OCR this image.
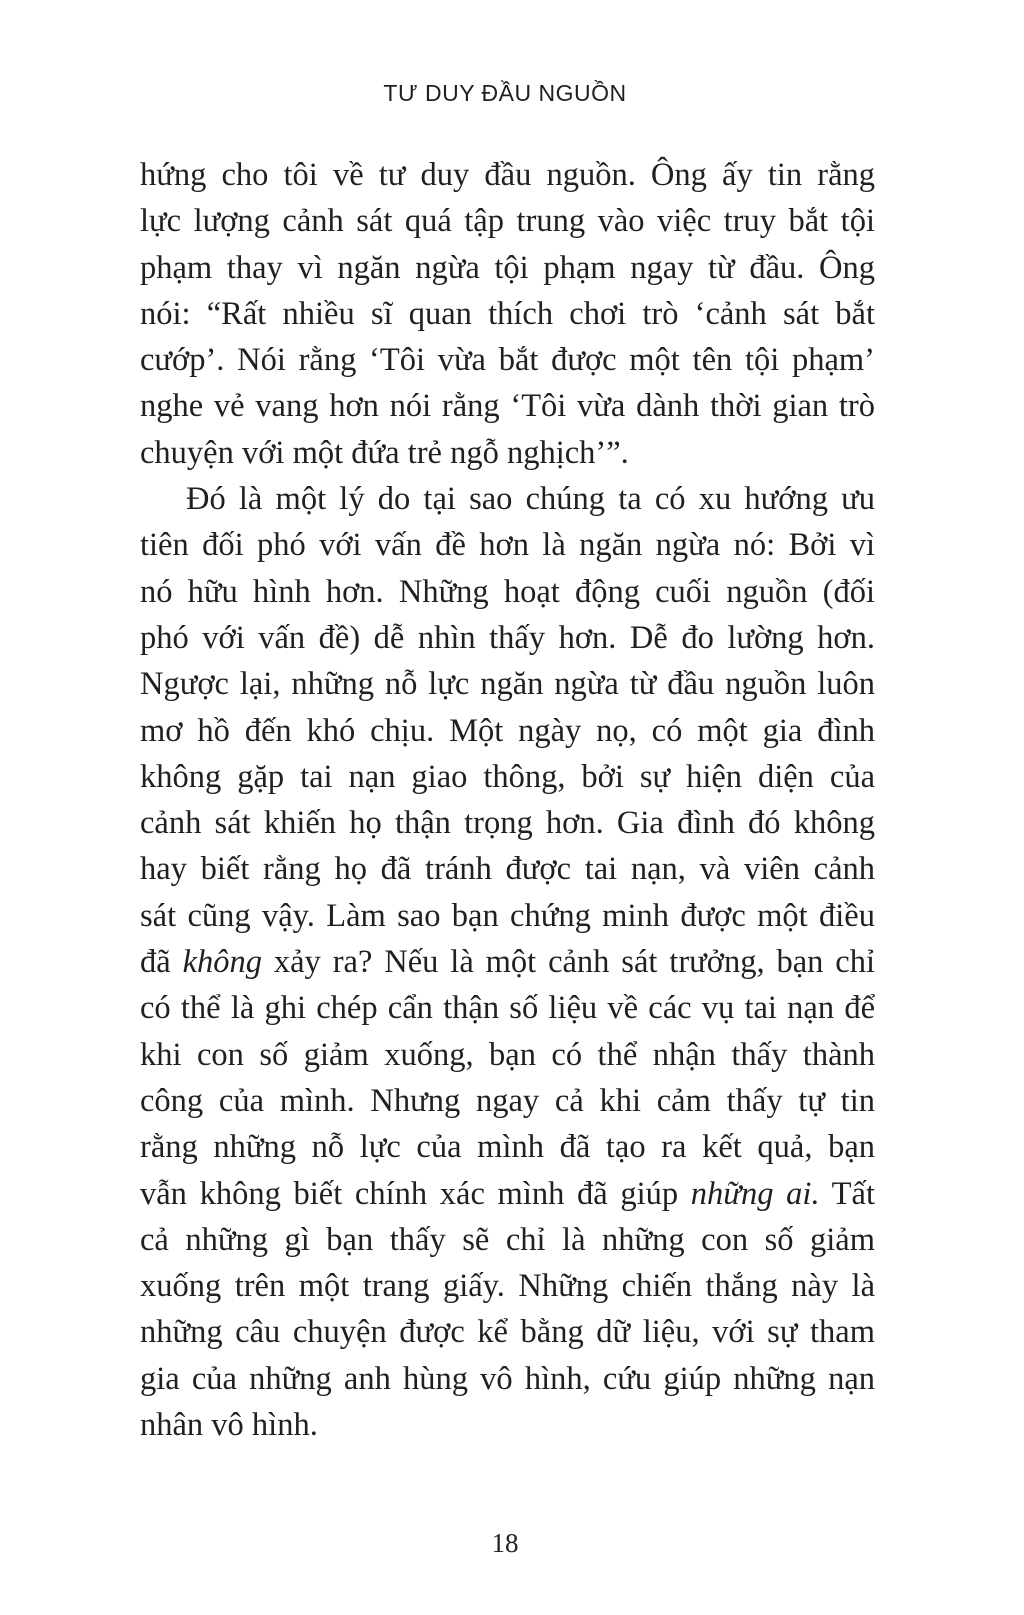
TƯ DUY ĐẦU NGUỒN
hứng cho tôi về tư duy đầu nguồn. Ông ấy tin rằng
lực lượng cảnh sát quá tập trung vào việc truy bắt tội
phạm thay vì ngăn ngừa tội phạm ngay từ đầu. Ông
nói: “Rất nhiều sĩ quan thích chơi trò ‘cảnh sát bắt
cướp’. Nói rằng ‘Tôi vừa bắt được một tên tội phạm’
nghe vẻ vang hơn nói rằng ‘Tôi vừa dành thời gian trò
chuyện với một đứa trẻ ngỗ nghịch’”.
Đó là một lý do tại sao chúng ta có xu hướng ưu
tiên đối phó với vấn đề hơn là ngăn ngừa nó: Bởi vì
nó hữu hình hơn. Những hoạt động cuối nguồn (đối
phó với vấn đề) dễ nhìn thấy hơn. Dễ đo lường hơn.
Ngược lại, những nỗ lực ngăn ngừa từ đầu nguồn luôn
mơ hồ đến khó chịu. Một ngày nọ, có một gia đình
không gặp tai nạn giao thông, bởi sự hiện diện của
cảnh sát khiến họ thận trọng hơn. Gia đình đó không
hay biết rằng họ đã tránh được tai nạn, và viên cảnh
sát cũng vậy. Làm sao bạn chứng minh được một điều
đã không xảy ra? Nếu là một cảnh sát trưởng, bạn chỉ
có thể là ghi chép cẩn thận số liệu về các vụ tai nạn để
khi con số giảm xuống, bạn có thể nhận thấy thành
công của mình. Nhưng ngay cả khi cảm thấy tự tin
rằng những nỗ lực của mình đã tạo ra kết quả, bạn
vẫn không biết chính xác mình đã giúp những ai. Tất
cả những gì bạn thấy sẽ chỉ là những con số giảm
xuống trên một trang giấy. Những chiến thắng này là
những câu chuyện được kể bằng dữ liệu, với sự tham
gia của những anh hùng vô hình, cứu giúp những nạn
nhân vô hình.
18
